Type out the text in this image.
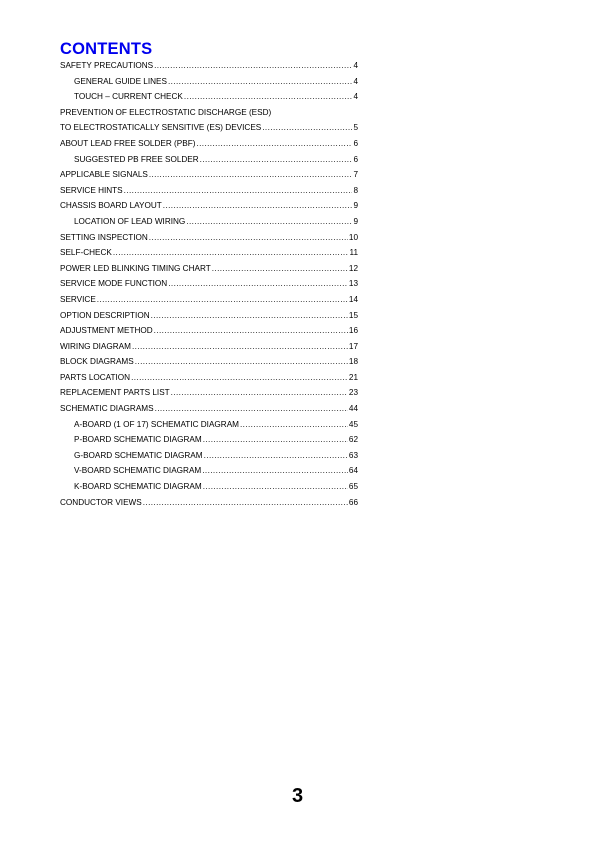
CONTENTS
SAFETY PRECAUTIONS .....	4
GENERAL GUIDE LINES .....	4
TOUCH – CURRENT CHECK .....	4
PREVENTION OF ELECTROSTATIC DISCHARGE (ESD)
TO ELECTROSTATICALLY SENSITIVE (ES) DEVICES .....	5
ABOUT LEAD FREE SOLDER (PBF) .....	6
SUGGESTED PB FREE SOLDER .....	6
APPLICABLE SIGNALS .....	7
SERVICE HINTS .....	8
CHASSIS BOARD LAYOUT .....	9
LOCATION OF LEAD WIRING .....	9
SETTING INSPECTION .....	10
SELF-CHECK .....	11
POWER LED BLINKING TIMING CHART .....	12
SERVICE MODE FUNCTION .....	13
SERVICE .....	14
OPTION DESCRIPTION .....	15
ADJUSTMENT METHOD .....	16
WIRING DIAGRAM .....	17
BLOCK DIAGRAMS .....	18
PARTS LOCATION .....	21
REPLACEMENT PARTS LIST .....	23
SCHEMATIC DIAGRAMS .....	44
A-BOARD (1 OF 17) SCHEMATIC DIAGRAM .....	45
P-BOARD SCHEMATIC DIAGRAM .....	62
G-BOARD SCHEMATIC DIAGRAM .....	63
V-BOARD SCHEMATIC DIAGRAM .....	64
K-BOARD SCHEMATIC DIAGRAM .....	65
CONDUCTOR VIEWS .....	66
3
